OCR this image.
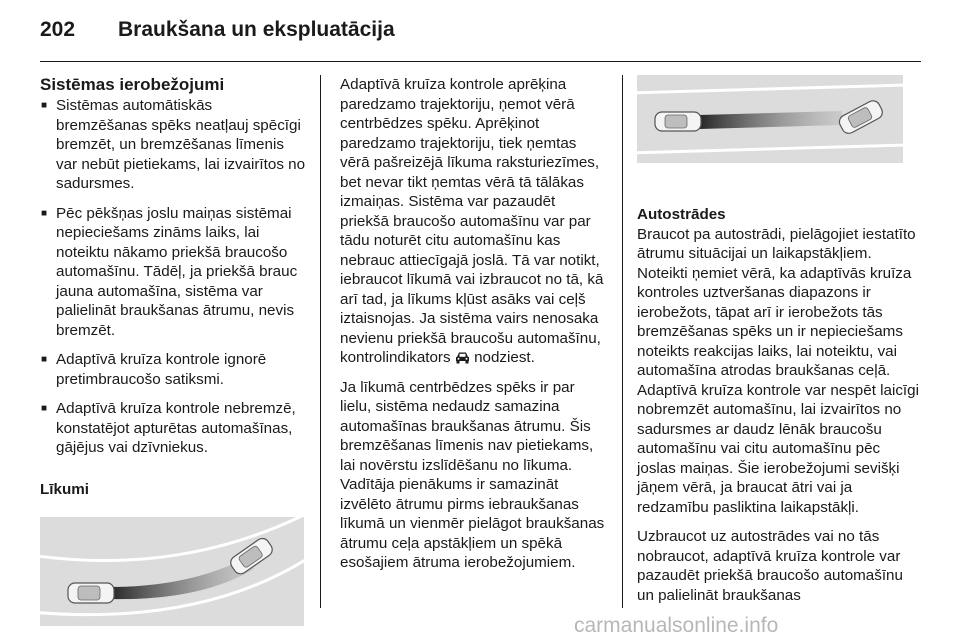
202 Braukšana un ekspluatācija
Sistēmas ierobežojumi
■ Sistēmas automātiskās bremzēšanas spēks neatļauj spēcīgi bremzēt, un bremzēšanas līmenis var nebūt pietiekams, lai izvairītos no sadursmes.
■ Pēc pēkšņas joslu maiņas sistēmai nepieciešams zināms laiks, lai noteiktu nākamo priekšā braucošo automašīnu. Tādēļ, ja priekšā brauc jauna automašīna, sistēma var palielināt braukšanas ātrumu, nevis bremzēt.
■ Adaptīvā kruīza kontrole ignorē pretimbraucošo satiksmi.
■ Adaptīvā kruīza kontrole nebremzē, konstatējot apturētas automašīnas, gājējus vai dzīvniekus.
Līkumi

Adaptīvā kruīza kontrole aprēķina paredzamo trajektoriju, ņemot vērā centrbēdzes spēku. Aprēķinot paredzamo trajektoriju, tiek ņemtas vērā pašreizējā līkuma raksturiezīmes, bet nevar tikt ņemtas vērā tā tālākas izmaiņas. Sistēma var pazaudēt priekšā braucošo automašīnu var par tādu noturēt citu automašīnu kas nebrauc attiecīgajā joslā. Tā var notikt, iebraucot līkumā vai izbraucot no tā, kā arī tad, ja līkums kļūst asāks vai ceļš iztaisnojas. Ja sistēma vairs nenosaka nevienu priekšā braucošu automašīnu, kontrolindikators nodziest.

Ja līkumā centrbēdzes spēks ir par lielu, sistēma nedaudz samazina automašīnas braukšanas ātrumu. Šis bremzēšanas līmenis nav pietiekams, lai novērstu izslīdēšanu no līkuma. Vadītāja pienākums ir samazināt izvēlēto ātrumu pirms iebraukšanas līkumā un vienmēr pielāgot braukšanas ātrumu ceļa apstākļiem un spēkā esošajiem ātruma ierobežojumiem.

Autostrādes

Braucot pa autostrādi, pielāgojiet iestatīto ātrumu situācijai un laikapstākļiem. Noteikti ņemiet vērā, ka adaptīvās kruīza kontroles uztveršanas diapazons ir ierobežots, tāpat arī ir ierobežots tās bremzēšanas spēks un ir nepieciešams noteikts reakcijas laiks, lai noteiktu, vai automašīna atrodas braukšanas ceļā. Adaptīvā kruīza kontrole var nespēt laicīgi nobremzēt automašīnu, lai izvairītos no sadursmes ar daudz lēnāk braucošu automašīnu vai citu automašīnu pēc joslas maiņas. Šie ierobežojumi sevišķi jāņem vērā, ja braucat ātri vai ja redzamību pasliktina laikapstākļi.

Uzbraucot uz autostrādes vai no tās nobraucot, adaptīvā kruīza kontrole var pazaudēt priekšā braucošo automašīnu un palielināt braukšanas

carmanualsonline.info
